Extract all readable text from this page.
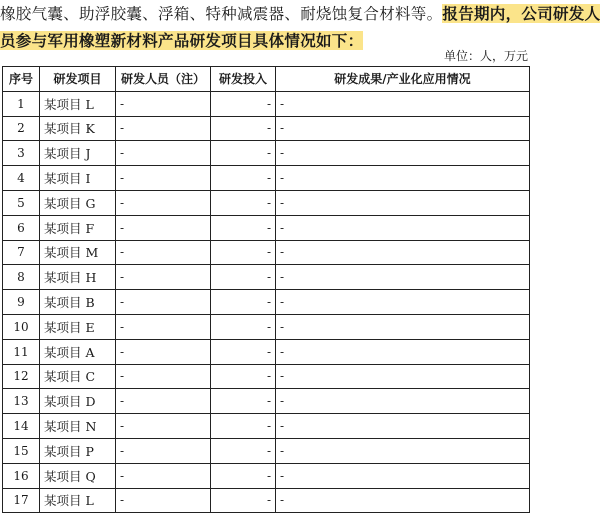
橡胶气囊、助浮胶囊、浮箱、特种减震器、耐烧蚀复合材料等。报告期内，公司研发人
员参与军用橡塑新材料产品研发项目具体情况如下：
单位：人，万元
序号	研发项目	研发人员（注）	研发投入	研发成果/产业化应用情况
1	某项目 L	-	-	-
2	某项目 K	-	-	-
3	某项目 J	-	-	-
4	某项目 I	-	-	-
5	某项目 G	-	-	-
6	某项目 F	-	-	-
7	某项目 M	-	-	-
8	某项目 H	-	-	-
9	某项目 B	-	-	-
10	某项目 E	-	-	-
11	某项目 A	-	-	-
12	某项目 C	-	-	-
13	某项目 D	-	-	-
14	某项目 N	-	-	-
15	某项目 P	-	-	-
16	某项目 Q	-	-	-
17	某项目 L	-	-	-
